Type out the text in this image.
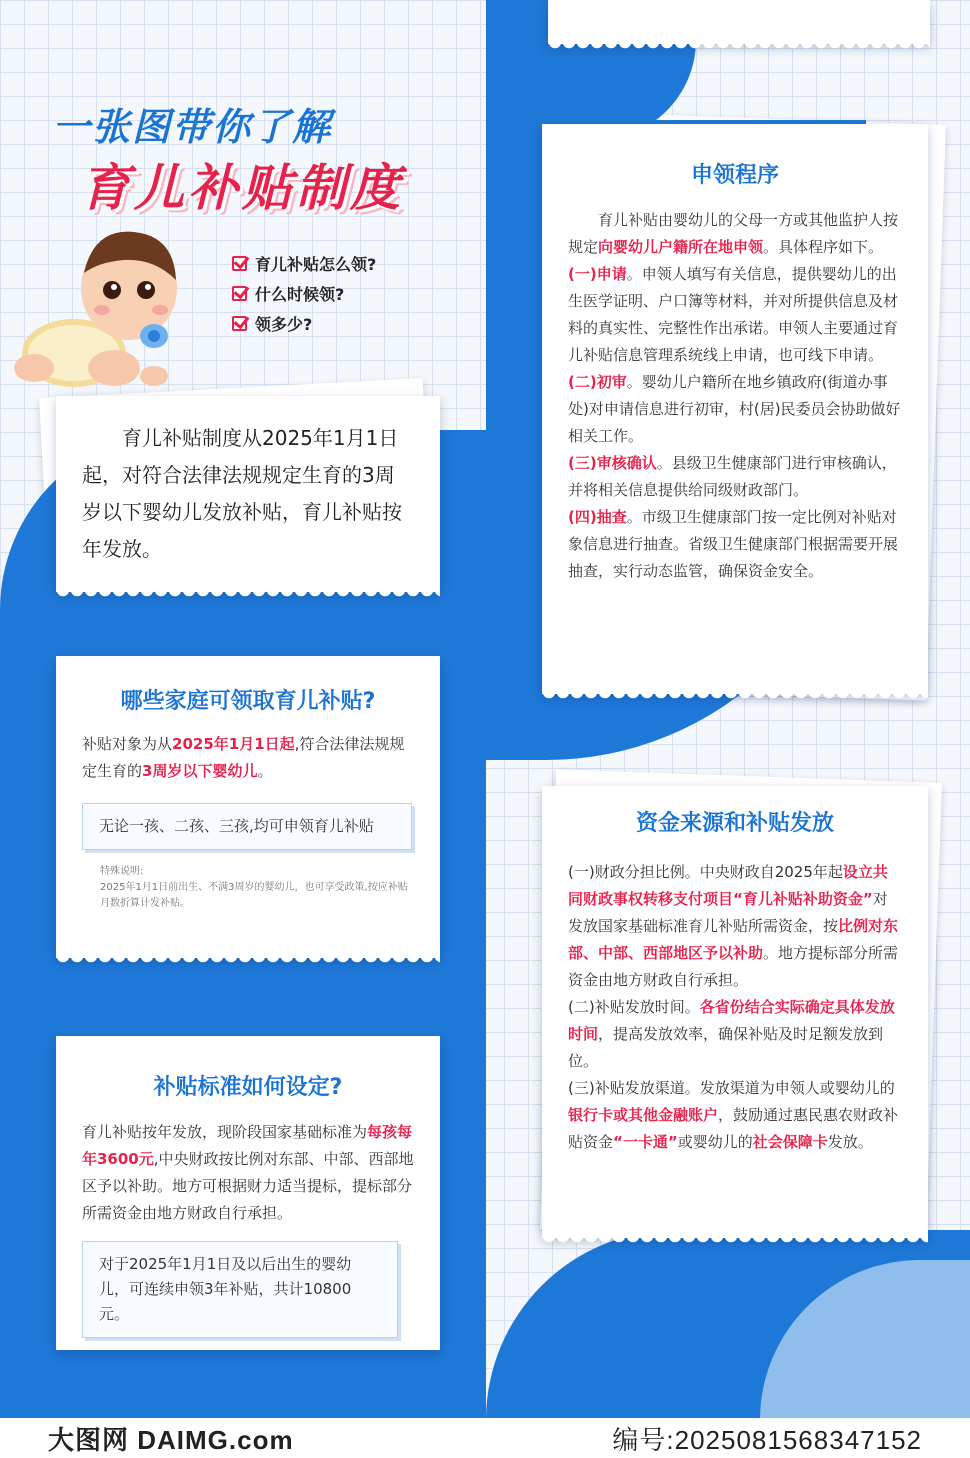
一张图带你了解
育儿补贴制度
育儿补贴怎么领?
什么时候领?
领多少?
育儿补贴制度从2025年1月1日起，对符合法律法规规定生育的3周岁以下婴幼儿发放补贴，育儿补贴按年发放。
哪些家庭可领取育儿补贴?
补贴对象为从2025年1月1日起,符合法律法规规定生育的3周岁以下婴幼儿。
无论一孩、二孩、三孩,均可申领育儿补贴
特殊说明:
2025年1月1日前出生、不满3周岁的婴幼儿，也可享受政策,按应补贴月数折算计发补贴。
补贴标准如何设定?
育儿补贴按年发放，现阶段国家基础标准为每孩每年3600元,中央财政按比例对东部、中部、西部地区予以补助。地方可根据财力适当提标，提标部分所需资金由地方财政自行承担。
对于2025年1月1日及以后出生的婴幼儿，可连续申领3年补贴，共计10800元。
申领程序
育儿补贴由婴幼儿的父母一方或其他监护人按规定向婴幼儿户籍所在地申领。具体程序如下。
(一)申请。申领人填写有关信息，提供婴幼儿的出生医学证明、户口簿等材料，并对所提供信息及材料的真实性、完整性作出承诺。申领人主要通过育儿补贴信息管理系统线上申请，也可线下申请。
(二)初审。婴幼儿户籍所在地乡镇政府(街道办事处)对申请信息进行初审，村(居)民委员会协助做好相关工作。
(三)审核确认。县级卫生健康部门进行审核确认，并将相关信息提供给同级财政部门。
(四)抽查。市级卫生健康部门按一定比例对补贴对象信息进行抽查。省级卫生健康部门根据需要开展抽查，实行动态监管，确保资金安全。
资金来源和补贴发放
(一)财政分担比例。中央财政自2025年起设立共同财政事权转移支付项目“育儿补贴补助资金”对发放国家基础标准育儿补贴所需资金，按比例对东部、中部、西部地区予以补助。地方提标部分所需资金由地方财政自行承担。
(二)补贴发放时间。各省份结合实际确定具体发放时间，提高发放效率，确保补贴及时足额发放到位。
(三)补贴发放渠道。发放渠道为申领人或婴幼儿的银行卡或其他金融账户，鼓励通过惠民惠农财政补贴资金“一卡通”或婴幼儿的社会保障卡发放。
大图网 DAIMG.com	编号:20250815683471​52
